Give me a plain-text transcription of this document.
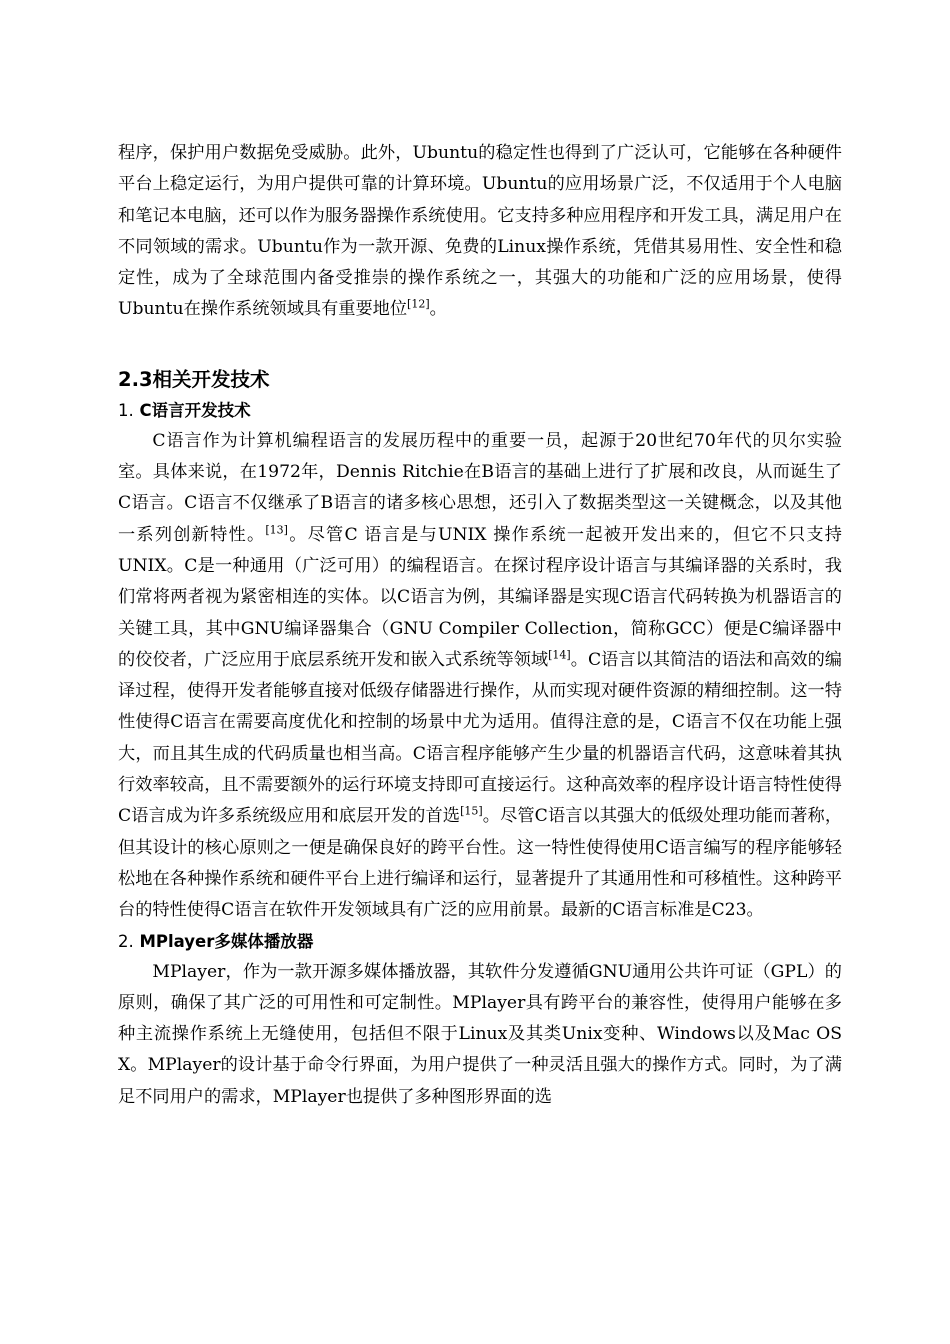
程序，保护用户数据免受威胁。此外，Ubuntu的稳定性也得到了广泛认可，它能够在各种硬件平台上稳定运行，为用户提供可靠的计算环境。Ubuntu的应用场景广泛，不仅适用于个人电脑和笔记本电脑，还可以作为服务器操作系统使用。它支持多种应用程序和开发工具，满足用户在不同领域的需求。Ubuntu作为一款开源、免费的Linux操作系统，凭借其易用性、安全性和稳定性，成为了全球范围内备受推崇的操作系统之一，其强大的功能和广泛的应用场景，使得Ubuntu在操作系统领域具有重要地位[12]。

2.3相关开发技术
1. C语言开发技术

C语言作为计算机编程语言的发展历程中的重要一员，起源于20世纪70年代的贝尔实验室。具体来说，在1972年，Dennis Ritchie在B语言的基础上进行了扩展和改良，从而诞生了C语言。C语言不仅继承了B语言的诸多核心思想，还引入了数据类型这一关键概念，以及其他一系列创新特性。[13]。尽管C 语言是与UNIX 操作系统一起被开发出来的，但它不只支持UNIX。C是一种通用（广泛可用）的编程语言。在探讨程序设计语言与其编译器的关系时，我们常将两者视为紧密相连的实体。以C语言为例，其编译器是实现C语言代码转换为机器语言的关键工具，其中GNU编译器集合（GNU Compiler Collection，简称GCC）便是C编译器中的佼佼者，广泛应用于底层系统开发和嵌入式系统等领域[14]。C语言以其简洁的语法和高效的编译过程，使得开发者能够直接对低级存储器进行操作，从而实现对硬件资源的精细控制。这一特性使得C语言在需要高度优化和控制的场景中尤为适用。值得注意的是，C语言不仅在功能上强大，而且其生成的代码质量也相当高。C语言程序能够产生少量的机器语言代码，这意味着其执行效率较高，且不需要额外的运行环境支持即可直接运行。这种高效率的程序设计语言特性使得C语言成为许多系统级应用和底层开发的首选[15]。尽管C语言以其强大的低级处理功能而著称，但其设计的核心原则之一便是确保良好的跨平台性。这一特性使得使用C语言编写的程序能够轻松地在各种操作系统和硬件平台上进行编译和运行，显著提升了其通用性和可移植性。这种跨平台的特性使得C语言在软件开发领域具有广泛的应用前景。最新的C语言标准是C23。

2. MPlayer多媒体播放器

MPlayer，作为一款开源多媒体播放器，其软件分发遵循GNU通用公共许可证（GPL）的原则，确保了其广泛的可用性和可定制性。MPlayer具有跨平台的兼容性，使得用户能够在多种主流操作系统上无缝使用，包括但不限于Linux及其类Unix变种、Windows以及Mac OS X。MPlayer的设计基于命令行界面，为用户提供了一种灵活且强大的操作方式。同时，为了满足不同用户的需求，MPlayer也提供了多种图形界面的选
